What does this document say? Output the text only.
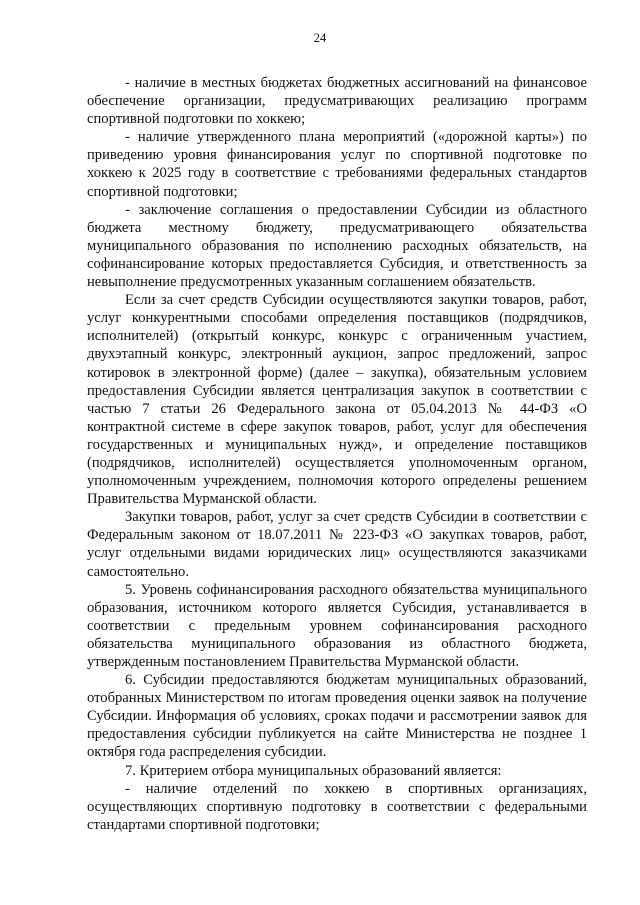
24

- наличие в местных бюджетах бюджетных ассигнований на финансовое обеспечение организации, предусматривающих реализацию программ спортивной подготовки по хоккею;

- наличие утвержденного плана мероприятий («дорожной карты») по приведению уровня финансирования услуг по спортивной подготовке по хоккею к 2025 году в соответствие с требованиями федеральных стандартов спортивной подготовки;

- заключение соглашения о предоставлении Субсидии из областного бюджета местному бюджету, предусматривающего обязательства муниципального образования по исполнению расходных обязательств, на софинансирование которых предоставляется Субсидия, и ответственность за невыполнение предусмотренных указанным соглашением обязательств.

Если за счет средств Субсидии осуществляются закупки товаров, работ, услуг конкурентными способами определения поставщиков (подрядчиков, исполнителей) (открытый конкурс, конкурс с ограниченным участием, двухэтапный конкурс, электронный аукцион, запрос предложений, запрос котировок в электронной форме) (далее – закупка), обязательным условием предоставления Субсидии является централизация закупок в соответствии с частью 7 статьи 26 Федерального закона от 05.04.2013 № 44-ФЗ «О контрактной системе в сфере закупок товаров, работ, услуг для обеспечения государственных и муниципальных нужд», и определение поставщиков (подрядчиков, исполнителей) осуществляется уполномоченным органом, уполномоченным учреждением, полномочия которого определены решением Правительства Мурманской области.

Закупки товаров, работ, услуг за счет средств Субсидии в соответствии с Федеральным законом от 18.07.2011 № 223-ФЗ «О закупках товаров, работ, услуг отдельными видами юридических лиц» осуществляются заказчиками самостоятельно.

5. Уровень софинансирования расходного обязательства муниципального образования, источником которого является Субсидия, устанавливается в соответствии с предельным уровнем софинансирования расходного обязательства муниципального образования из областного бюджета, утвержденным постановлением Правительства Мурманской области.

6. Субсидии предоставляются бюджетам муниципальных образований, отобранных Министерством по итогам проведения оценки заявок на получение Субсидии. Информация об условиях, сроках подачи и рассмотрении заявок для предоставления субсидии публикуется на сайте Министерства не позднее 1 октября года распределения субсидии.

7. Критерием отбора муниципальных образований является:

- наличие отделений по хоккею в спортивных организациях, осуществляющих спортивную подготовку в соответствии с федеральными стандартами спортивной подготовки;
